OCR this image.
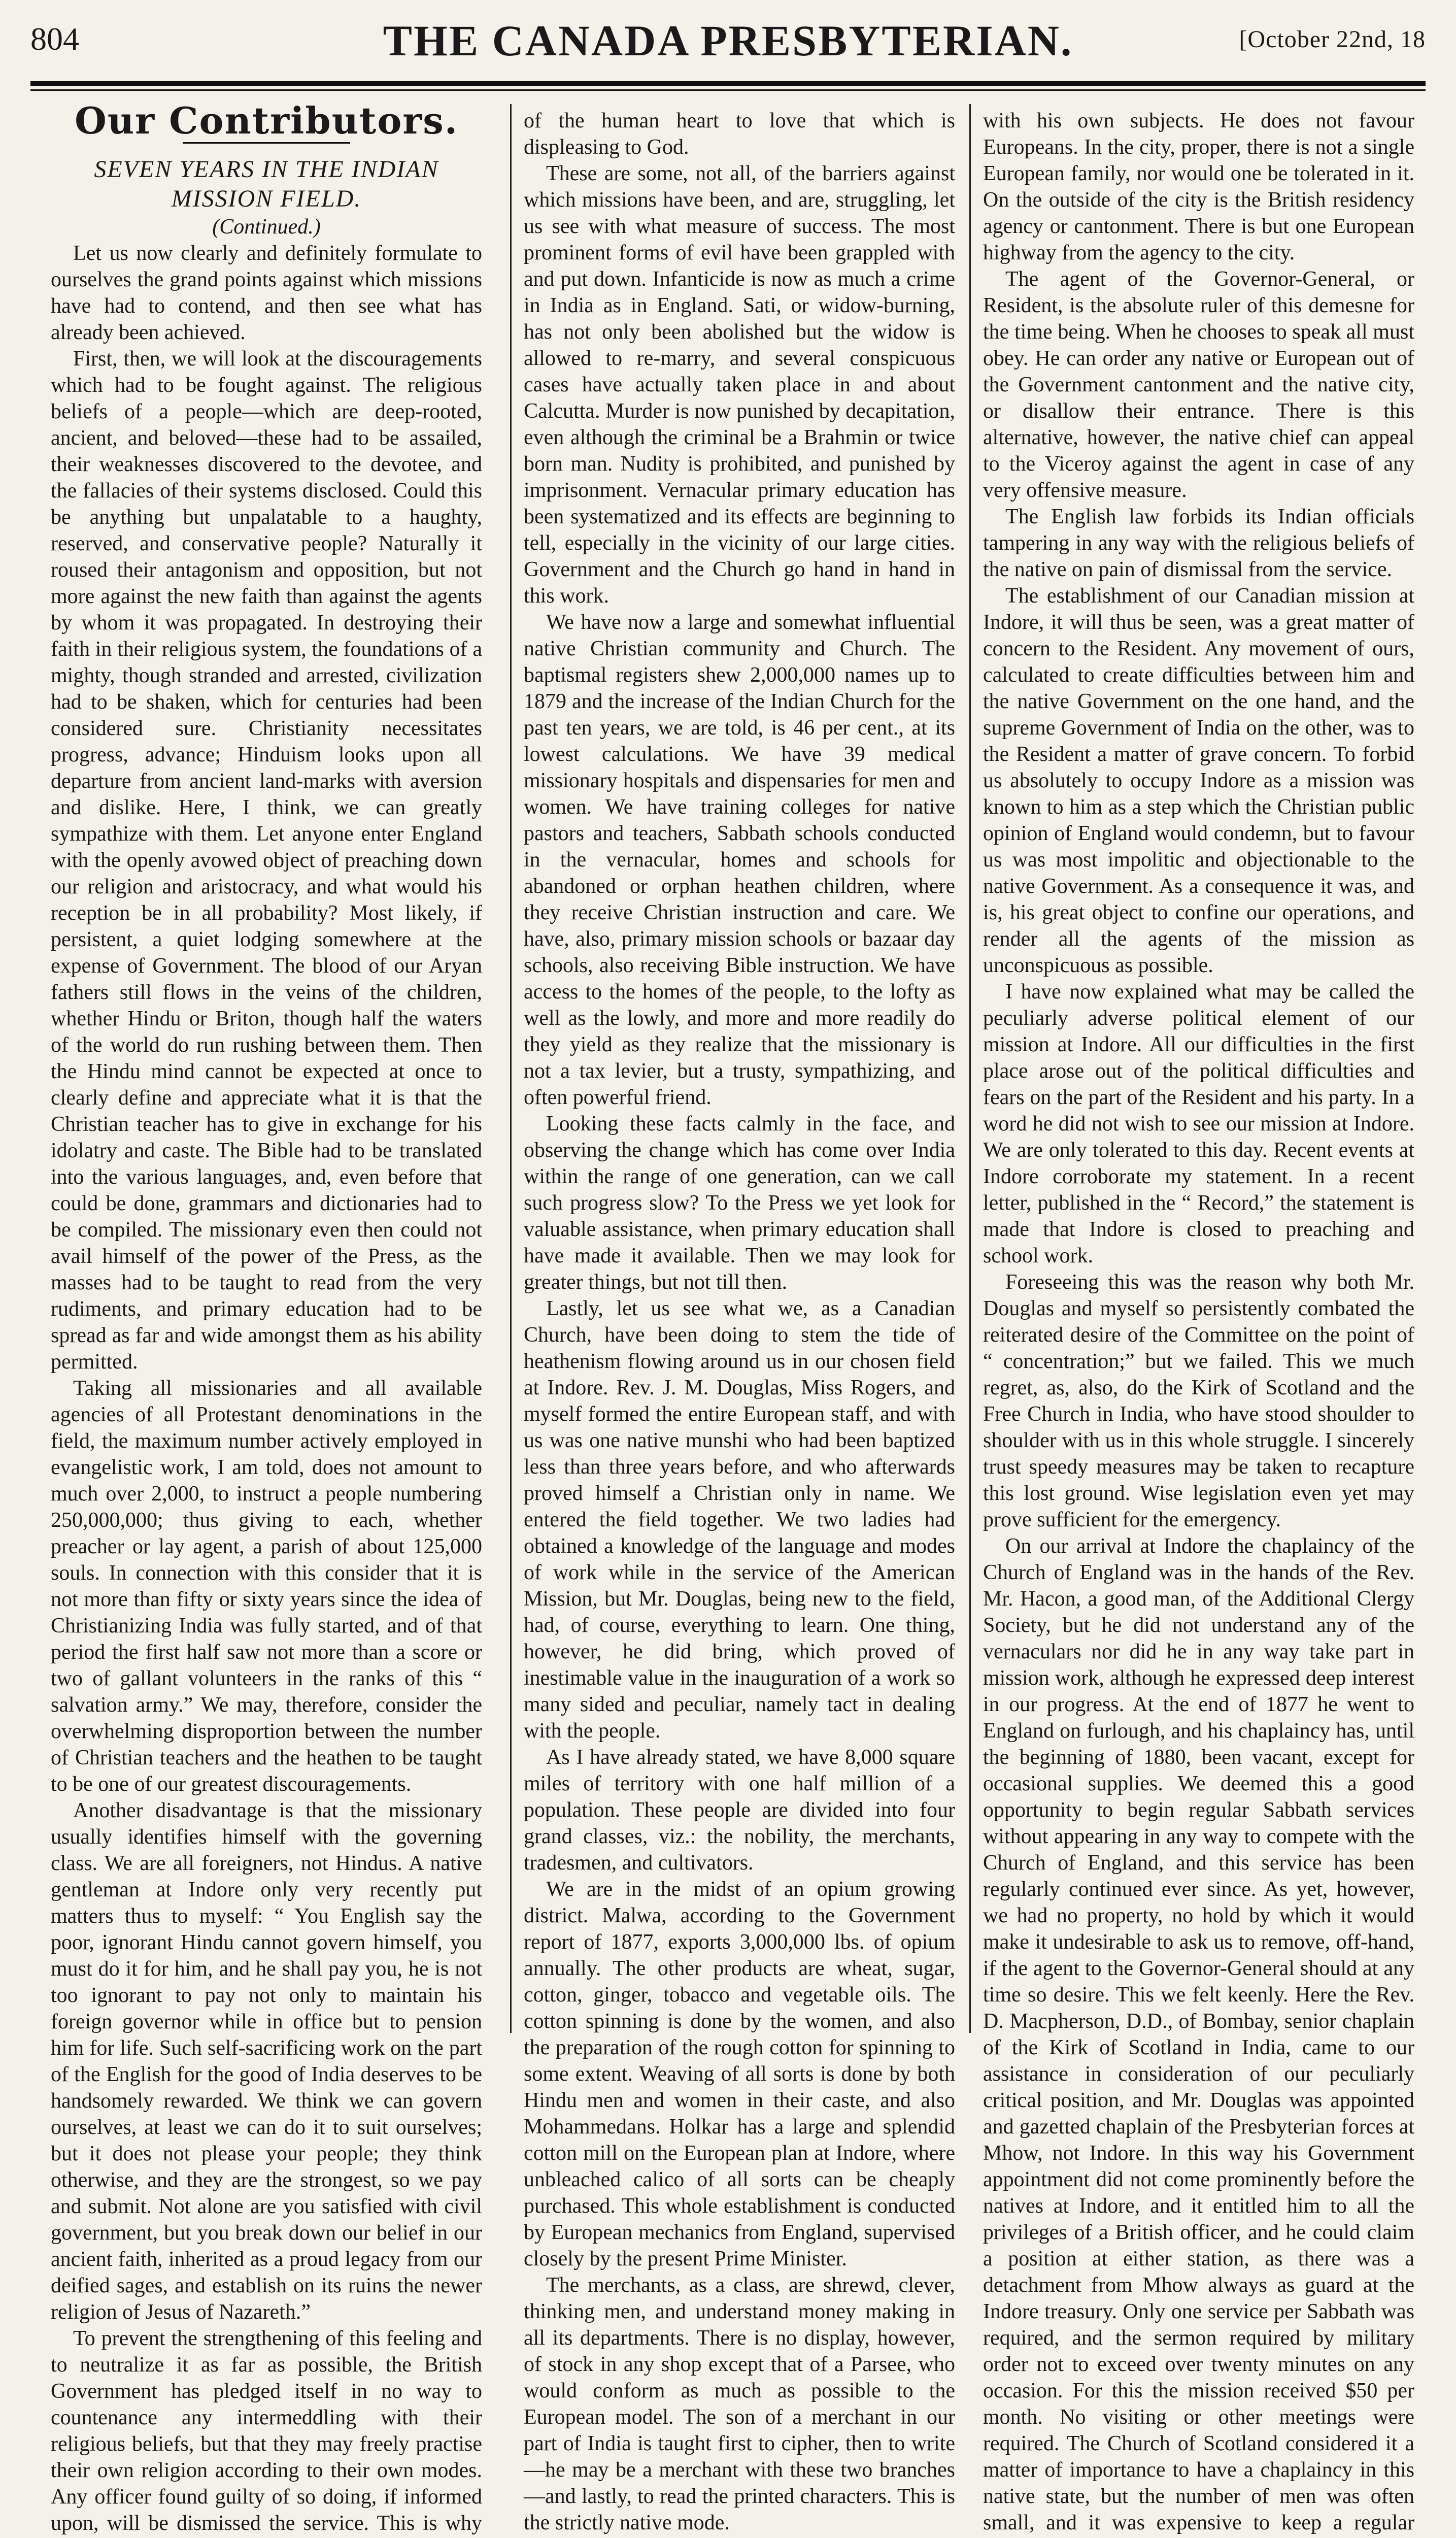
804	THE CANADA PRESBYTERIAN.	[October 22nd, 18
Our Contributors.

SEVEN YEARS IN THE INDIAN MISSION FIELD.

(Continued.)

Let us now clearly and definitely formulate to ourselves the grand points against which missions have had to contend, and then see what has already been achieved.

First, then, we will look at the discouragements which had to be fought against. The religious beliefs of a people—which are deep-rooted, ancient, and beloved—these had to be assailed, their weaknesses discovered to the devotee, and the fallacies of their systems disclosed. Could this be anything but unpalatable to a haughty, reserved, and conservative people? Naturally it roused their antagonism and opposition, but not more against the new faith than against the agents by whom it was propagated. In destroying their faith in their religious system, the foundations of a mighty, though stranded and arrested, civilization had to be shaken, which for centuries had been considered sure. Christianity necessitates progress, advance; Hinduism looks upon all departure from ancient land-marks with aversion and dislike. Here, I think, we can greatly sympathize with them. Let anyone enter England with the openly avowed object of preaching down our religion and aristocracy, and what would his reception be in all probability? Most likely, if persistent, a quiet lodging somewhere at the expense of Government. The blood of our Aryan fathers still flows in the veins of the children, whether Hindu or Briton, though half the waters of the world do run rushing between them. Then the Hindu mind cannot be expected at once to clearly define and appreciate what it is that the Christian teacher has to give in exchange for his idolatry and caste. The Bible had to be translated into the various languages, and, even before that could be done, grammars and dictionaries had to be compiled. The missionary even then could not avail himself of the power of the Press, as the masses had to be taught to read from the very rudiments, and primary education had to be spread as far and wide amongst them as his ability permitted.

Taking all missionaries and all available agencies of all Protestant denominations in the field, the maximum number actively employed in evangelistic work, I am told, does not amount to much over 2,000, to instruct a people numbering 250,000,000; thus giving to each, whether preacher or lay agent, a parish of about 125,000 souls. In connection with this consider that it is not more than fifty or sixty years since the idea of Christianizing India was fully started, and of that period the first half saw not more than a score or two of gallant volunteers in the ranks of this “ salvation army.” We may, therefore, consider the overwhelming disproportion between the number of Christian teachers and the heathen to be taught to be one of our greatest discouragements.

Another disadvantage is that the missionary usually identifies himself with the governing class. We are all foreigners, not Hindus. A native gentleman at Indore only very recently put matters thus to myself: “ You English say the poor, ignorant Hindu cannot govern himself, you must do it for him, and he shall pay you, he is not too ignorant to pay not only to maintain his foreign governor while in office but to pension him for life. Such self-sacrificing work on the part of the English for the good of India deserves to be handsomely rewarded. We think we can govern ourselves, at least we can do it to suit ourselves; but it does not please your people; they think otherwise, and they are the strongest, so we pay and submit. Not alone are you satisfied with civil government, but you break down our belief in our ancient faith, inherited as a proud legacy from our deified sages, and establish on its ruins the newer religion of Jesus of Nazareth.”

To prevent the strengthening of this feeling and to neutralize it as far as possible, the British Government has pledged itself in no way to countenance any intermeddling with their religious beliefs, but that they may freely practise their own religion according to their own modes. Any officer found guilty of so doing, if informed upon, will be dismissed the service. This is why

of the human heart to love that which is displeasing to God.

These are some, not all, of the barriers against which missions have been, and are, struggling, let us see with what measure of success. The most prominent forms of evil have been grappled with and put down. Infanticide is now as much a crime in India as in England. Sati, or widow-burning, has not only been abolished but the widow is allowed to re-marry, and several conspicuous cases have actually taken place in and about Calcutta. Murder is now punished by decapitation, even although the criminal be a Brahmin or twice born man. Nudity is prohibited, and punished by imprisonment. Vernacular primary education has been systematized and its effects are beginning to tell, especially in the vicinity of our large cities. Government and the Church go hand in hand in this work.

We have now a large and somewhat influential native Christian community and Church. The baptismal registers shew 2,000,000 names up to 1879 and the increase of the Indian Church for the past ten years, we are told, is 46 per cent., at its lowest calculations. We have 39 medical missionary hospitals and dispensaries for men and women. We have training colleges for native pastors and teachers, Sabbath schools conducted in the vernacular, homes and schools for abandoned or orphan heathen children, where they receive Christian instruction and care. We have, also, primary mission schools or bazaar day schools, also receiving Bible instruction. We have access to the homes of the people, to the lofty as well as the lowly, and more and more readily do they yield as they realize that the missionary is not a tax levier, but a trusty, sympathizing, and often powerful friend.

Looking these facts calmly in the face, and observing the change which has come over India within the range of one generation, can we call such progress slow? To the Press we yet look for valuable assistance, when primary education shall have made it available. Then we may look for greater things, but not till then.

Lastly, let us see what we, as a Canadian Church, have been doing to stem the tide of heathenism flowing around us in our chosen field at Indore. Rev. J. M. Douglas, Miss Rogers, and myself formed the entire European staff, and with us was one native munshi who had been baptized less than three years before, and who afterwards proved himself a Christian only in name. We entered the field together. We two ladies had obtained a knowledge of the language and modes of work while in the service of the American Mission, but Mr. Douglas, being new to the field, had, of course, everything to learn. One thing, however, he did bring, which proved of inestimable value in the inauguration of a work so many sided and peculiar, namely tact in dealing with the people.

As I have already stated, we have 8,000 square miles of territory with one half million of a population. These people are divided into four grand classes, viz.: the nobility, the merchants, tradesmen, and cultivators.

We are in the midst of an opium growing district. Malwa, according to the Government report of 1877, exports 3,000,000 lbs. of opium annually. The other products are wheat, sugar, cotton, ginger, tobacco and vegetable oils. The cotton spinning is done by the women, and also the preparation of the rough cotton for spinning to some extent. Weaving of all sorts is done by both Hindu men and women in their caste, and also Mohammedans. Holkar has a large and splendid cotton mill on the European plan at Indore, where unbleached calico of all sorts can be cheaply purchased. This whole establishment is conducted by European mechanics from England, supervised closely by the present Prime Minister.

The merchants, as a class, are shrewd, clever, thinking men, and understand money making in all its departments. There is no display, however, of stock in any shop except that of a Parsee, who would conform as much as possible to the European model. The son of a merchant in our part of India is taught first to cipher, then to write—he may be a merchant with these two branches—and lastly, to read the printed characters. This is the strictly native mode.

with his own subjects. He does not favour Europeans. In the city, proper, there is not a single European family, nor would one be tolerated in it. On the outside of the city is the British residency agency or cantonment. There is but one European highway from the agency to the city.

The agent of the Governor-General, or Resident, is the absolute ruler of this demesne for the time being. When he chooses to speak all must obey. He can order any native or European out of the Government cantonment and the native city, or disallow their entrance. There is this alternative, however, the native chief can appeal to the Viceroy against the agent in case of any very offensive measure.

The English law forbids its Indian officials tampering in any way with the religious beliefs of the native on pain of dismissal from the service.

The establishment of our Canadian mission at Indore, it will thus be seen, was a great matter of concern to the Resident. Any movement of ours, calculated to create difficulties between him and the native Government on the one hand, and the supreme Government of India on the other, was to the Resident a matter of grave concern. To forbid us absolutely to occupy Indore as a mission was known to him as a step which the Christian public opinion of England would condemn, but to favour us was most impolitic and objectionable to the native Government. As a consequence it was, and is, his great object to confine our operations, and render all the agents of the mission as unconspicuous as possible.

I have now explained what may be called the peculiarly adverse political element of our mission at Indore. All our difficulties in the first place arose out of the political difficulties and fears on the part of the Resident and his party. In a word he did not wish to see our mission at Indore. We are only tolerated to this day. Recent events at Indore corroborate my statement. In a recent letter, published in the “ Record,” the statement is made that Indore is closed to preaching and school work.

Foreseeing this was the reason why both Mr. Douglas and myself so persistently combated the reiterated desire of the Committee on the point of “ concentration;” but we failed. This we much regret, as, also, do the Kirk of Scotland and the Free Church in India, who have stood shoulder to shoulder with us in this whole struggle. I sincerely trust speedy measures may be taken to recapture this lost ground. Wise legislation even yet may prove sufficient for the emergency.

On our arrival at Indore the chaplaincy of the Church of England was in the hands of the Rev. Mr. Hacon, a good man, of the Additional Clergy Society, but he did not understand any of the vernaculars nor did he in any way take part in mission work, although he expressed deep interest in our progress. At the end of 1877 he went to England on furlough, and his chaplaincy has, until the beginning of 1880, been vacant, except for occasional supplies. We deemed this a good opportunity to begin regular Sabbath services without appearing in any way to compete with the Church of England, and this service has been regularly continued ever since. As yet, however, we had no property, no hold by which it would make it undesirable to ask us to remove, off-hand, if the agent to the Governor-General should at any time so desire. This we felt keenly. Here the Rev. D. Macpherson, D.D., of Bombay, senior chaplain of the Kirk of Scotland in India, came to our assistance in consideration of our peculiarly critical position, and Mr. Douglas was appointed and gazetted chaplain of the Presbyterian forces at Mhow, not Indore. In this way his Government appointment did not come prominently before the natives at Indore, and it entitled him to all the privileges of a British officer, and he could claim a position at either station, as there was a detachment from Mhow always as guard at the Indore treasury. Only one service per Sabbath was required, and the sermon required by military order not to exceed over twenty minutes on any occasion. For this the mission received $50 per month. No visiting or other meetings were required. The Church of Scotland considered it a matter of importance to have a chaplaincy in this native state, but the number of men was often small, and it was expensive to keep a regular
